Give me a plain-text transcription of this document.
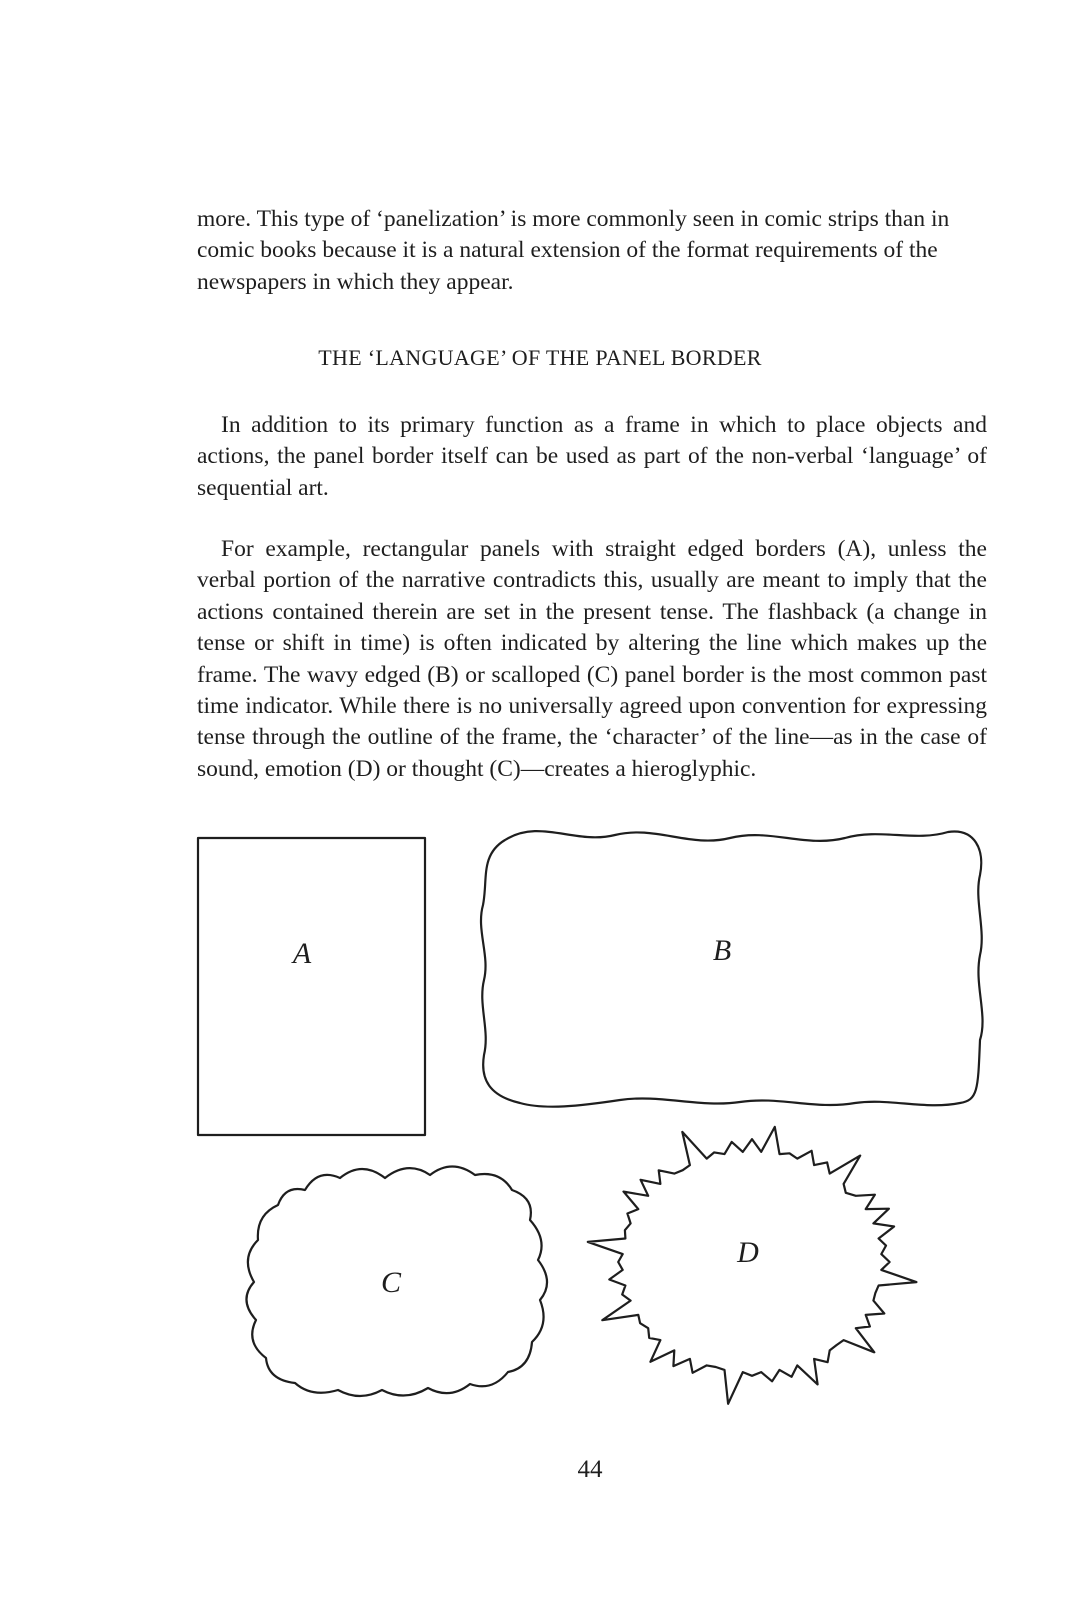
more. This type of ‘panelization’ is more commonly seen in comic strips than in comic books because it is a natural extension of the format requirements of the newspapers in which they appear.

THE ‘LANGUAGE’ OF THE PANEL BORDER

In addition to its primary function as a frame in which to place objects and actions, the panel border itself can be used as part of the non-verbal ‘language’ of sequential art.

For example, rectangular panels with straight edged borders (A), unless the verbal portion of the narrative contradicts this, usually are meant to imply that the actions contained therein are set in the present tense. The flashback (a change in tense or shift in time) is often indicated by altering the line which makes up the frame. The wavy edged (B) or scalloped (C) panel border is the most common past time indicator. While there is no universally agreed upon convention for expressing tense through the outline of the frame, the ‘character’ of the line—as in the case of sound, emotion (D) or thought (C)—creates a hieroglyphic.

A	B
C
D
44
